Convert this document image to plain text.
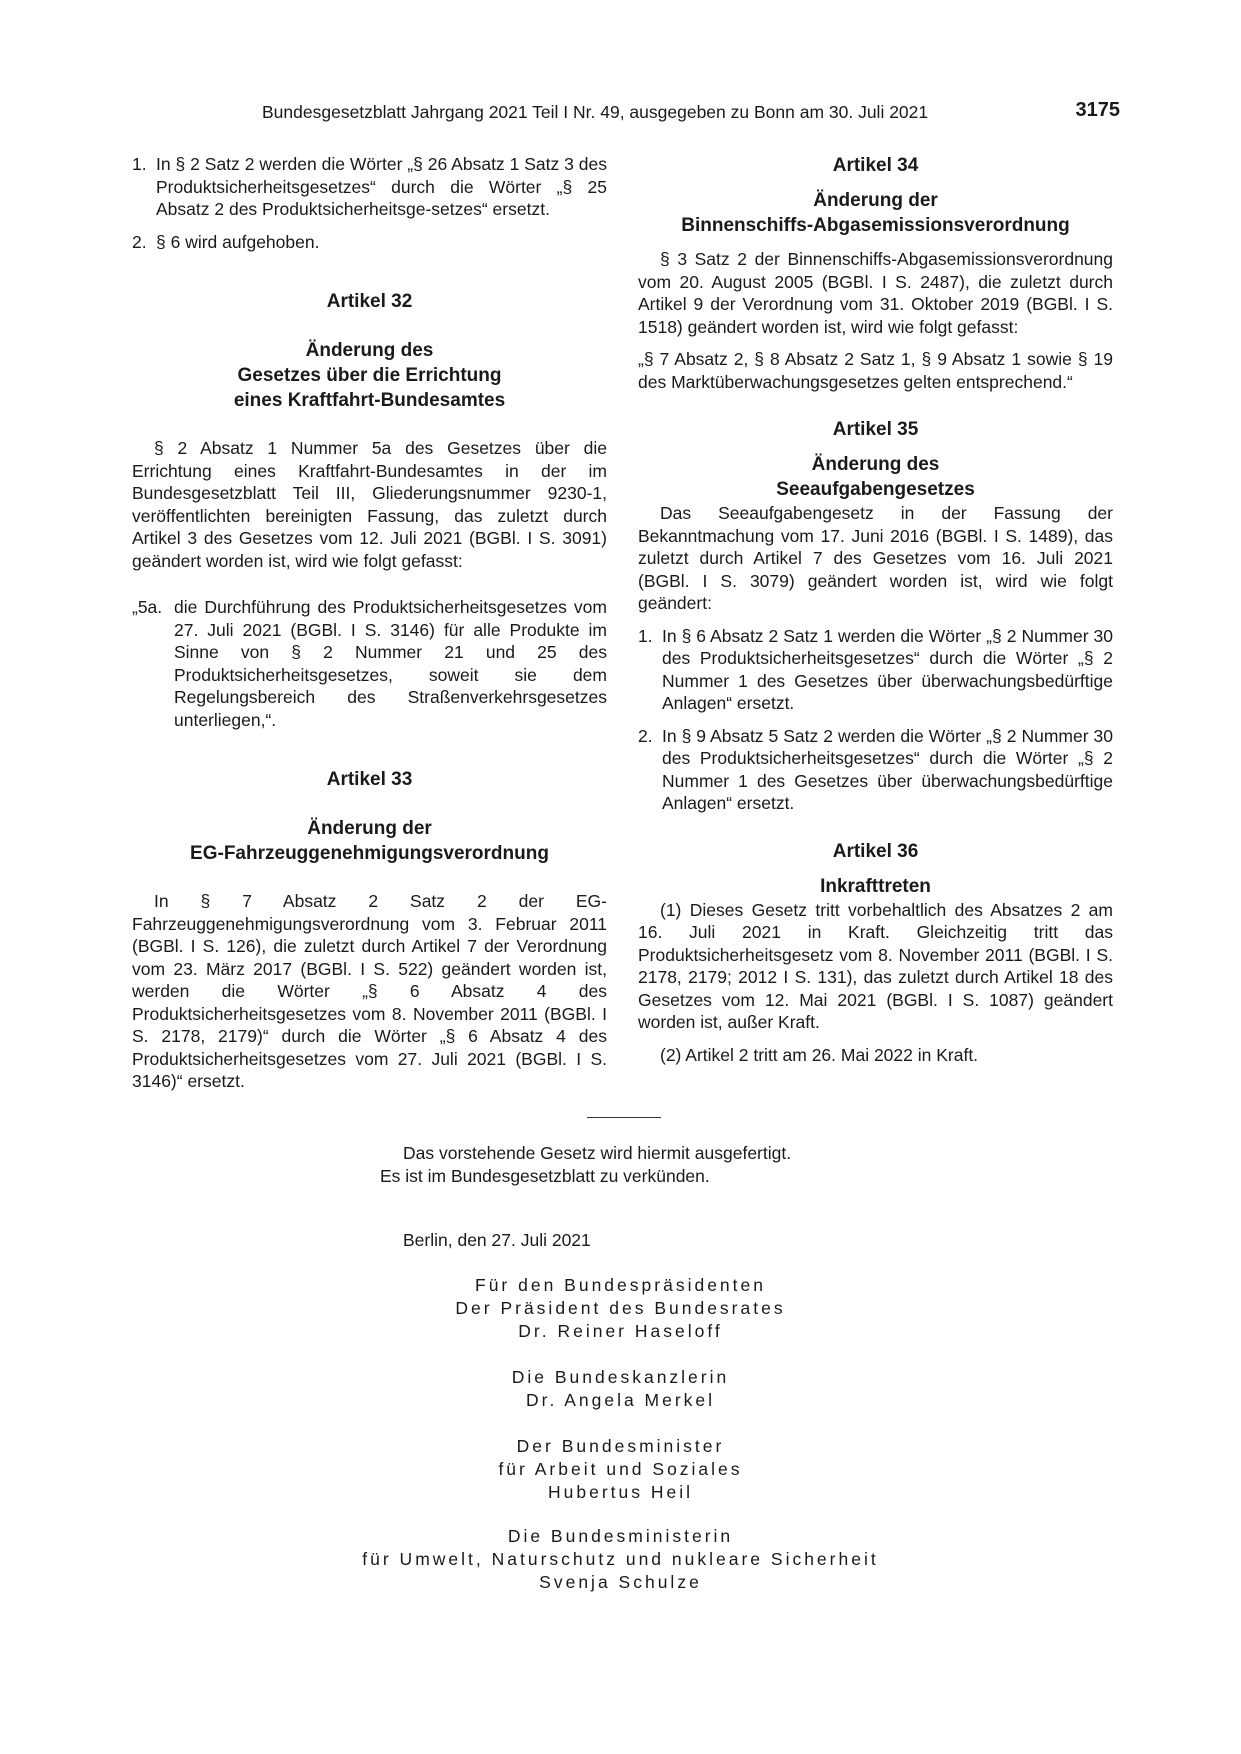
Bundesgesetzblatt Jahrgang 2021 Teil I Nr. 49, ausgegeben zu Bonn am 30. Juli 2021	3175
1. In § 2 Satz 2 werden die Wörter „§ 26 Absatz 1 Satz 3 des Produktsicherheitsgesetzes“ durch die Wörter „§ 25 Absatz 2 des Produktsicherheitsge-setzes“ ersetzt.
2. § 6 wird aufgehoben.
Artikel 32
Änderung des
Gesetzes über die Errichtung
eines Kraftfahrt-Bundesamtes

§ 2 Absatz 1 Nummer 5a des Gesetzes über die Errichtung eines Kraftfahrt-Bundesamtes in der im Bundesgesetzblatt Teil III, Gliederungsnummer 9230-1, veröffentlichten bereinigten Fassung, das zuletzt durch Artikel 3 des Gesetzes vom 12. Juli 2021 (BGBl. I S. 3091) geändert worden ist, wird wie folgt gefasst:

„5a. die Durchführung des Produktsicherheitsgesetzes vom 27. Juli 2021 (BGBl. I S. 3146) für alle Produkte im Sinne von § 2 Nummer 21 und 25 des Produktsicherheitsgesetzes, soweit sie dem Regelungsbereich des Straßenverkehrsgesetzes unterliegen,“.
Artikel 33
Änderung der
EG-Fahrzeuggenehmigungsverordnung

In § 7 Absatz 2 Satz 2 der EG-Fahrzeuggenehmigungsverordnung vom 3. Februar 2011 (BGBl. I S. 126), die zuletzt durch Artikel 7 der Verordnung vom 23. März 2017 (BGBl. I S. 522) geändert worden ist, werden die Wörter „§ 6 Absatz 4 des Produktsicherheitsgesetzes vom 8. November 2011 (BGBl. I S. 2178, 2179)“ durch die Wörter „§ 6 Absatz 4 des Produktsicherheitsgesetzes vom 27. Juli 2021 (BGBl. I S. 3146)“ ersetzt.

Artikel 34
Änderung der
Binnenschiffs-Abgasemissionsverordnung

§ 3 Satz 2 der Binnenschiffs-Abgasemissionsverordnung vom 20. August 2005 (BGBl. I S. 2487), die zuletzt durch Artikel 9 der Verordnung vom 31. Oktober 2019 (BGBl. I S. 1518) geändert worden ist, wird wie folgt gefasst:

„§ 7 Absatz 2, § 8 Absatz 2 Satz 1, § 9 Absatz 1 sowie § 19 des Marktüberwachungsgesetzes gelten entsprechend.“

Artikel 35
Änderung des
Seeaufgabengesetzes

Das Seeaufgabengesetz in der Fassung der Bekanntmachung vom 17. Juni 2016 (BGBl. I S. 1489), das zuletzt durch Artikel 7 des Gesetzes vom 16. Juli 2021 (BGBl. I S. 3079) geändert worden ist, wird wie folgt geändert:

1. In § 6 Absatz 2 Satz 1 werden die Wörter „§ 2 Nummer 30 des Produktsicherheitsgesetzes“ durch die Wörter „§ 2 Nummer 1 des Gesetzes über überwachungsbedürftige Anlagen“ ersetzt.
2. In § 9 Absatz 5 Satz 2 werden die Wörter „§ 2 Nummer 30 des Produktsicherheitsgesetzes“ durch die Wörter „§ 2 Nummer 1 des Gesetzes über überwachungsbedürftige Anlagen“ ersetzt.
Artikel 36
Inkrafttreten

(1) Dieses Gesetz tritt vorbehaltlich des Absatzes 2 am 16. Juli 2021 in Kraft. Gleichzeitig tritt das Produktsicherheitsgesetz vom 8. November 2011 (BGBl. I S. 2178, 2179; 2012 I S. 131), das zuletzt durch Artikel 18 des Gesetzes vom 12. Mai 2021 (BGBl. I S. 1087) geändert worden ist, außer Kraft.

(2) Artikel 2 tritt am 26. Mai 2022 in Kraft.

Das vorstehende Gesetz wird hiermit ausgefertigt.
Es ist im Bundesgesetzblatt zu verkünden.
Berlin, den 27. Juli 2021
Für den Bundespräsidenten
Der Präsident des Bundesrates
Dr. Reiner Haseloff
Die Bundeskanzlerin
Dr. Angela Merkel
Der Bundesminister
für Arbeit und Soziales
Hubertus Heil
Die Bundesministerin
für Umwelt, Naturschutz und nukleare Sicherheit
Svenja Schulze
